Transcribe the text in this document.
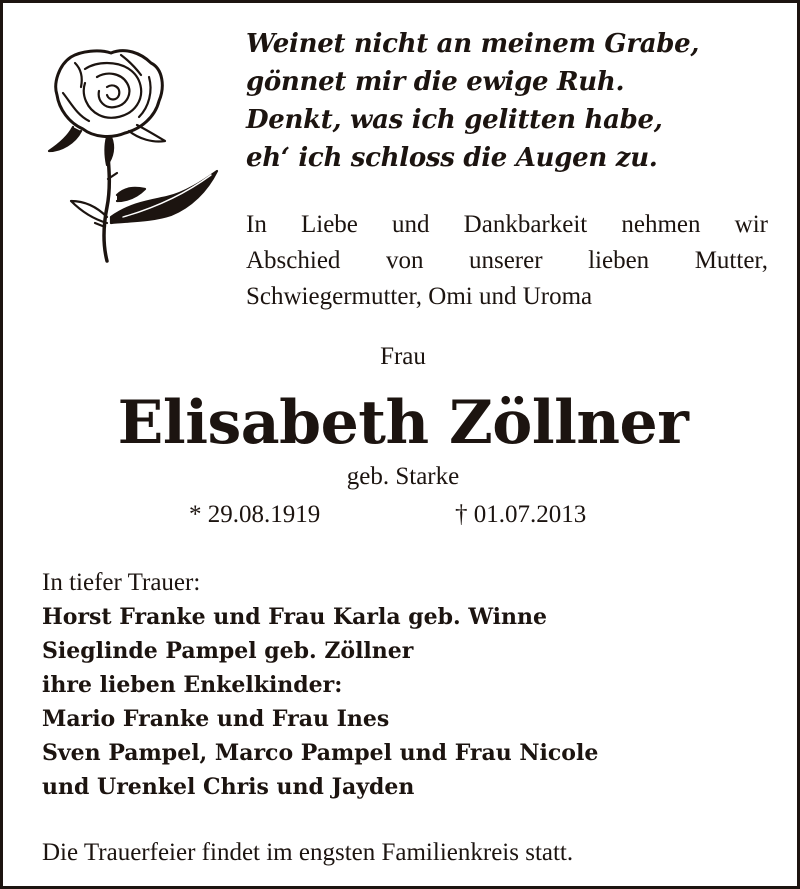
Weinet nicht an meinem Grabe,
gönnet mir die ewige Ruh.
Denkt, was ich gelitten habe,
eh‘ ich schloss die Augen zu.
In Liebe und Dankbarkeit nehmen wir
Abschied von unserer lieben Mutter,
Schwiegermutter, Omi und Uroma
Frau
Elisabeth Zöllner
geb. Starke
* 29.08.1919	† 01.07.2013
In tiefer Trauer:
Horst Franke und Frau Karla geb. Winne
Sieglinde Pampel geb. Zöllner
ihre lieben Enkelkinder:
Mario Franke und Frau Ines
Sven Pampel, Marco Pampel und Frau Nicole
und Urenkel Chris und Jayden
Die Trauerfeier findet im engsten Familienkreis statt.
